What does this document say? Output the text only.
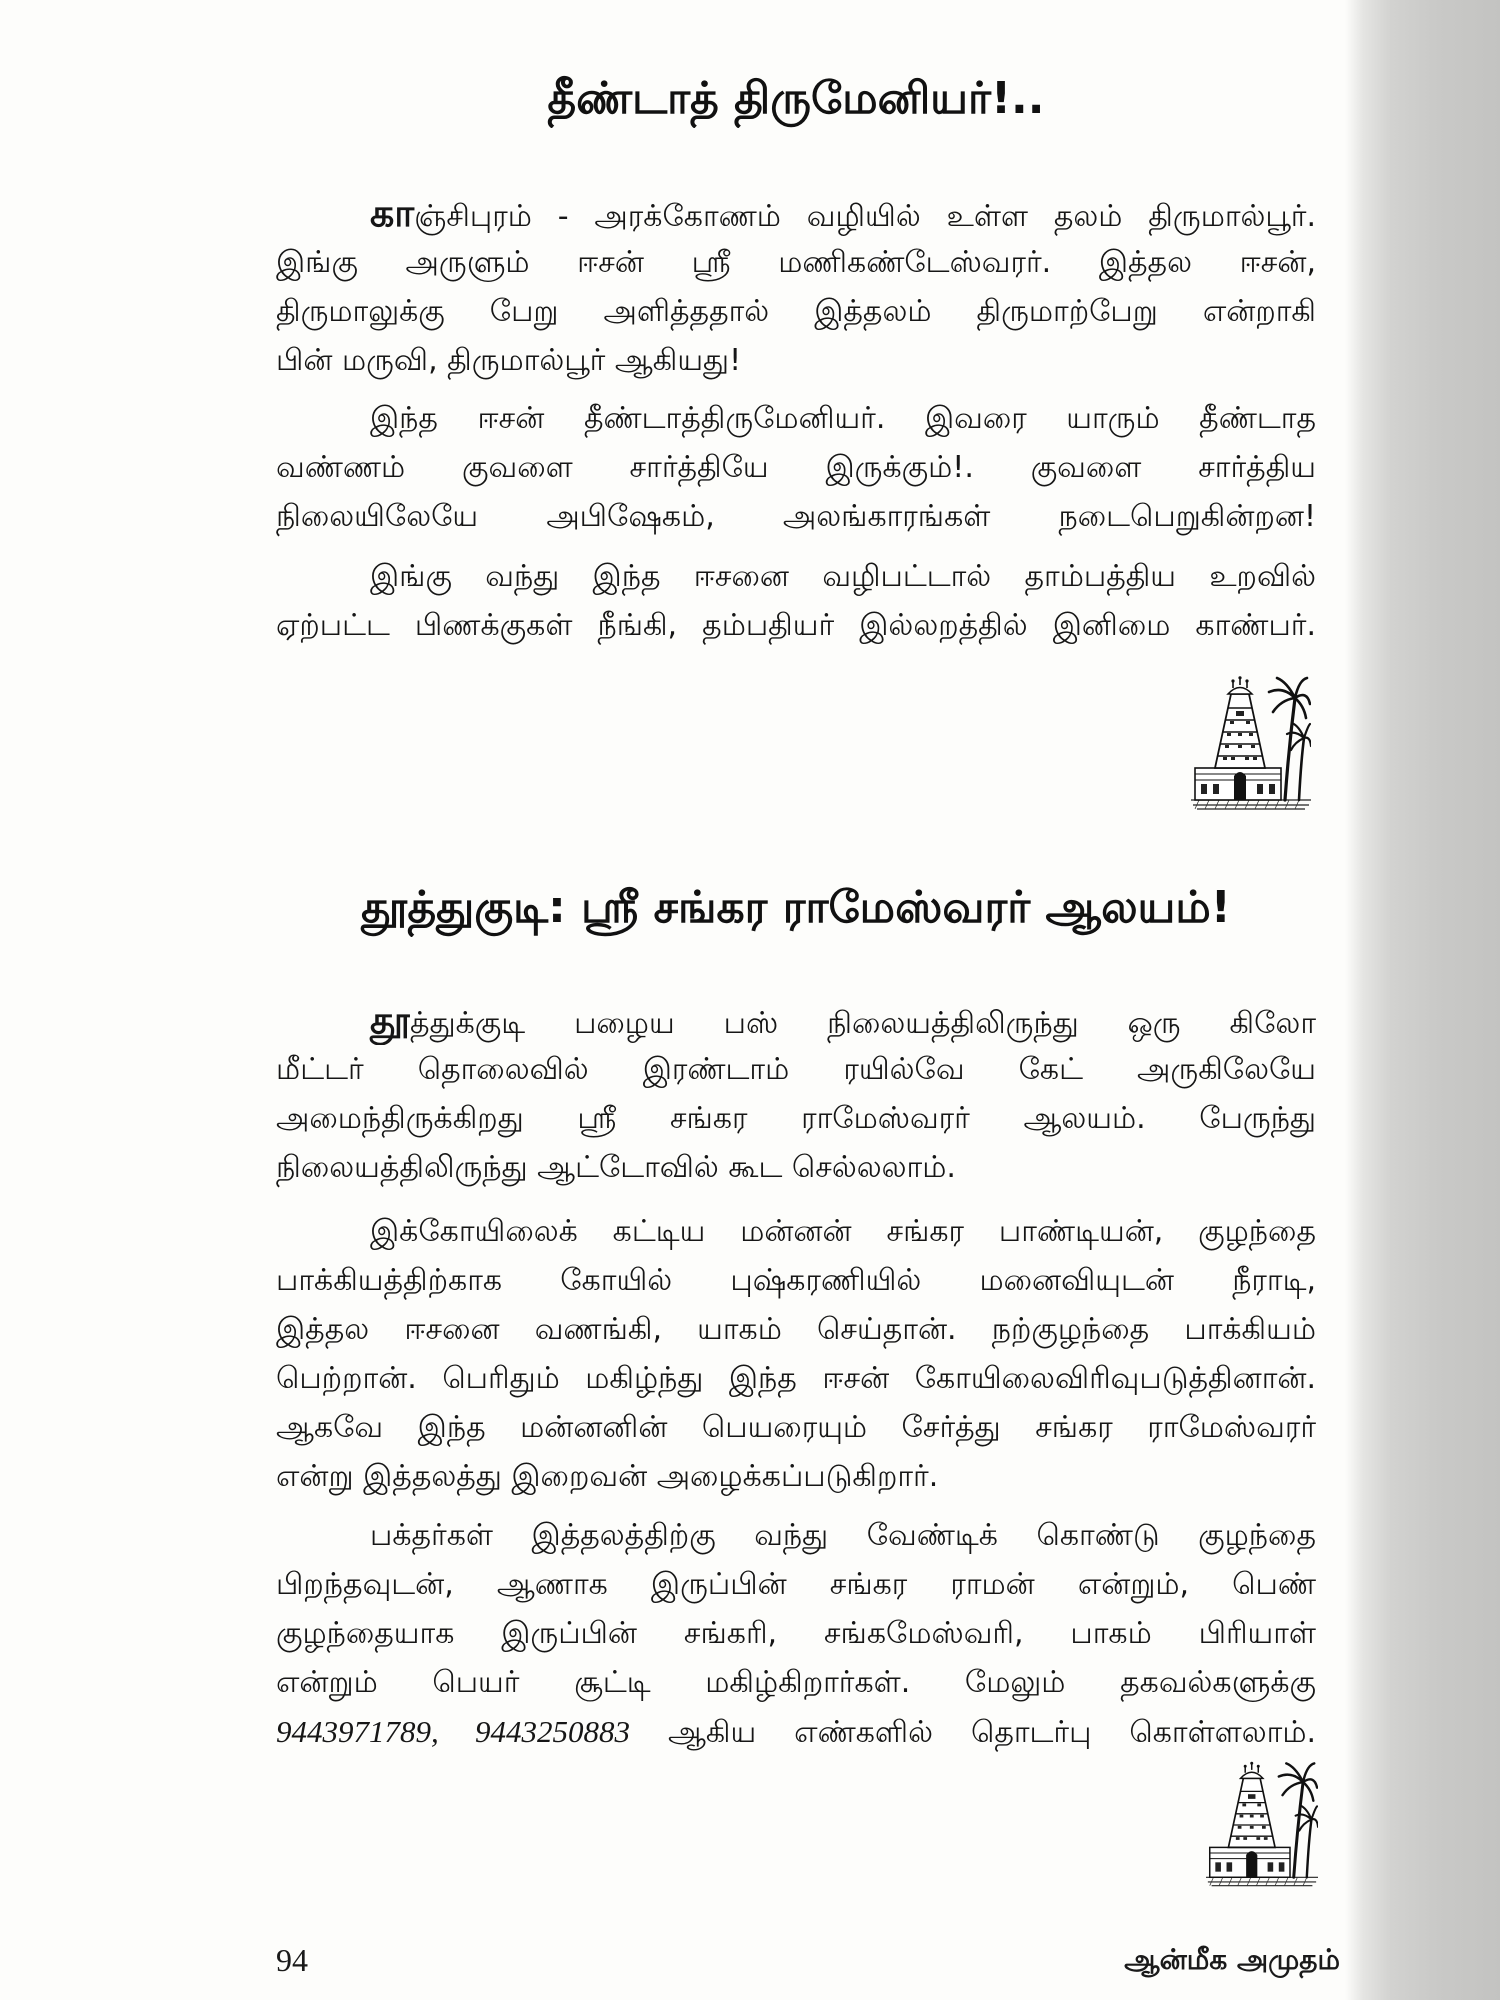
தீண்டாத் திருமேனியர்!..
காஞ்சிபுரம் - அரக்கோணம் வழியில் உள்ள தலம் திருமால்பூர்.
இங்கு அருளும் ஈசன் ஸ்ரீ மணிகண்டேஸ்வரர். இத்தல ஈசன்,
திருமாலுக்கு பேறு அளித்ததால் இத்தலம் திருமாற்பேறு என்றாகி
பின் மருவி, திருமால்பூர் ஆகியது!
இந்த ஈசன் தீண்டாத்திருமேனியர். இவரை யாரும் தீண்டாத
வண்ணம் குவளை சார்த்தியே இருக்கும்!. குவளை சார்த்திய
நிலையிலேயே அபிஷேகம், அலங்காரங்கள் நடைபெறுகின்றன!
இங்கு வந்து இந்த ஈசனை வழிபட்டால் தாம்பத்திய உறவில்
ஏற்பட்ட பிணக்குகள் நீங்கி, தம்பதியர் இல்லறத்தில் இனிமை காண்பர்.
தூத்துகுடி: ஸ்ரீ சங்கர ராமேஸ்வரர் ஆலயம்!
தூத்துக்குடி பழைய பஸ் நிலையத்திலிருந்து ஒரு கிலோ
மீட்டர் தொலைவில் இரண்டாம் ரயில்வே கேட் அருகிலேயே
அமைந்திருக்கிறது ஸ்ரீ சங்கர ராமேஸ்வரர் ஆலயம். பேருந்து
நிலையத்திலிருந்து ஆட்டோவில் கூட செல்லலாம்.
இக்கோயிலைக் கட்டிய மன்னன் சங்கர பாண்டியன், குழந்தை
பாக்கியத்திற்காக கோயில் புஷ்கரணியில் மனைவியுடன் நீராடி,
இத்தல ஈசனை வணங்கி, யாகம் செய்தான். நற்குழந்தை பாக்கியம்
பெற்றான். பெரிதும் மகிழ்ந்து இந்த ஈசன் கோயிலைவிரிவுபடுத்தினான்.
ஆகவே இந்த மன்னனின் பெயரையும் சேர்த்து சங்கர ராமேஸ்வரர்
என்று இத்தலத்து இறைவன் அழைக்கப்படுகிறார்.
பக்தர்கள் இத்தலத்திற்கு வந்து வேண்டிக் கொண்டு குழந்தை
பிறந்தவுடன், ஆணாக இருப்பின் சங்கர ராமன் என்றும், பெண்
குழந்தையாக இருப்பின் சங்கரி, சங்கமேஸ்வரி, பாகம் பிரியாள்
என்றும் பெயர் சூட்டி மகிழ்கிறார்கள். மேலும் தகவல்களுக்கு
9443971789, 9443250883 ஆகிய எண்களில் தொடர்பு கொள்ளலாம்.
94	ஆன்மீக அமுதம்
